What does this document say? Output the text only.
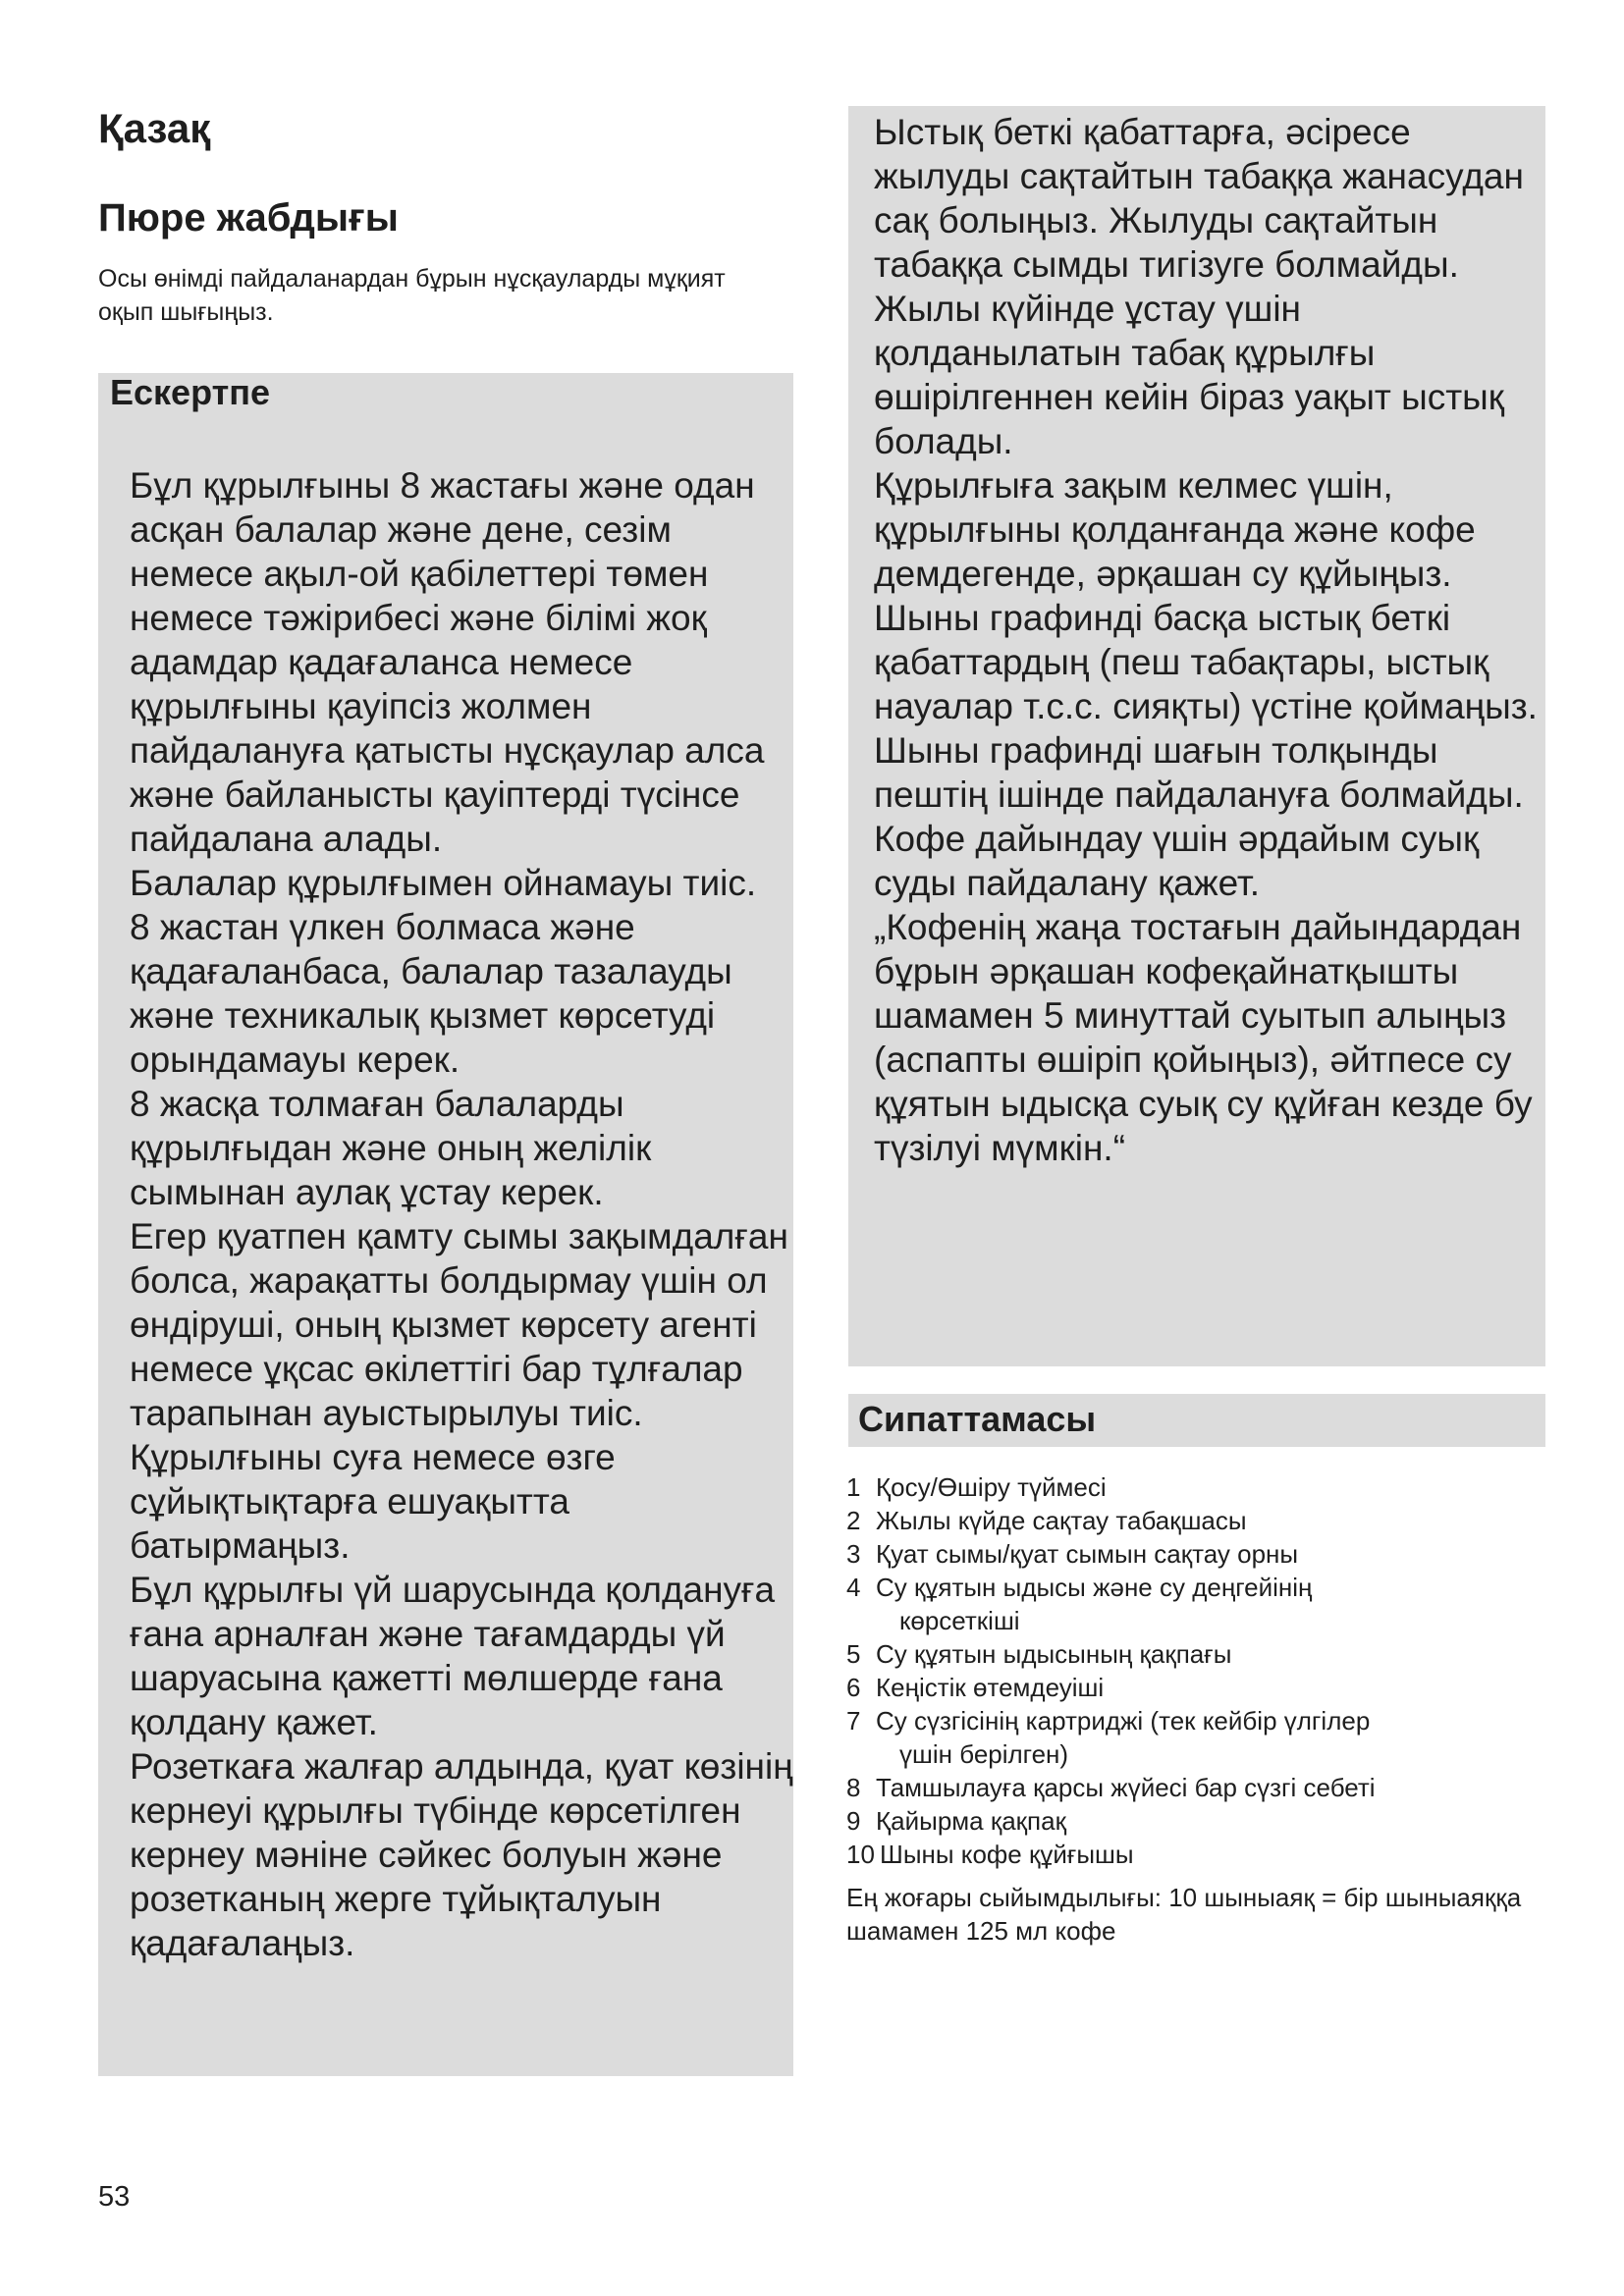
Қазақ
Пюре жабдығы

Осы өнімді пайдаланардан бұрын нұсқауларды мұқият оқып шығыңыз.

Ескертпе
Бұл құрылғыны 8 жастағы және одан асқан балалар және дене, сезім немесе ақыл-ой қабілеттері төмен немесе тәжірибесі және білімі жоқ адамдар қадағаланса немесе құрылғыны қауіпсіз жолмен пайдалануға қатысты нұсқаулар алса және байланысты қауіптерді түсінсе пайдалана алады.
Балалар құрылғымен ойнамауы тиіс.
8 жастан үлкен болмаса және қадағаланбаса, балалар тазалауды және техникалық қызмет көрсетуді орындамауы керек.
8 жасқа толмаған балаларды құрылғыдан және оның желілік сымынан аулақ ұстау керек.
Егер қуатпен қамту сымы зақымдалған болса, жарақатты болдырмау үшін ол өндіруші, оның қызмет көрсету агенті немесе ұқсас өкілеттігі бар тұлғалар тарапынан ауыстырылуы тиіс.
Құрылғыны суға немесе өзге сұйықтықтарға ешуақытта батырмаңыз.
Бұл құрылғы үй шарусында қолдануға ғана арналған және тағамдарды үй шаруасына қажетті мөлшерде ғана қолдану қажет.
Розеткаға жалғар алдында, қуат көзінің кернеуі құрылғы түбінде көрсетілген кернеу мәніне сәйкес болуын және розетканың жерге тұйықталуын қадағалаңыз.
Ыстық беткі қабаттарға, әсіресе жылуды сақтайтын табаққа жанасудан сақ болыңыз. Жылуды сақтайтын табаққа сымды тигізуге болмайды.
Жылы күйінде ұстау үшін қолданылатын табақ құрылғы өшірілгеннен кейін біраз уақыт ыстық болады.
Құрылғыға зақым келмес үшін, құрылғыны қолданғанда және кофе демдегенде, әрқашан су құйыңыз.
Шыны графинді басқа ыстық беткі қабаттардың (пеш табақтары, ыстық науалар т.с.с. сияқты) үстіне қоймаңыз.
Шыны графинді шағын толқынды пештің ішінде пайдалануға болмайды.
Кофе дайындау үшін әрдайым суық суды пайдалану қажет.
„Кофенің жаңа тостағын дайындардан бұрын әрқашан кофеқайнатқышты шамамен 5 минуттай суытып алыңыз (аспапты өшіріп қойыңыз), әйтпесе су құятын ыдысқа суық су құйған кезде бу түзілуі мүмкін.“
Сипаттамасы
1 Қосу/Өшіру түймесі
2 Жылы күйде сақтау табақшасы
3 Қуат сымы/қуат сымын сақтау орны
4 Су құятын ыдысы және су деңгейінің
көрсеткіші
5 Су құятын ыдысының қақпағы
6 Кеңістік өтемдеуіші
7 Су сүзгісінің картриджі (тек кейбір үлгілер
үшін берілген)
8 Тамшылауға қарсы жүйесі бар сүзгі себеті
9 Қайырма қақпақ
10 Шыны кофе құйғышы

Ең жоғары сыйымдылығы: 10 шыныаяқ = бір шыныаяққа шамамен 125 мл кофе

53
